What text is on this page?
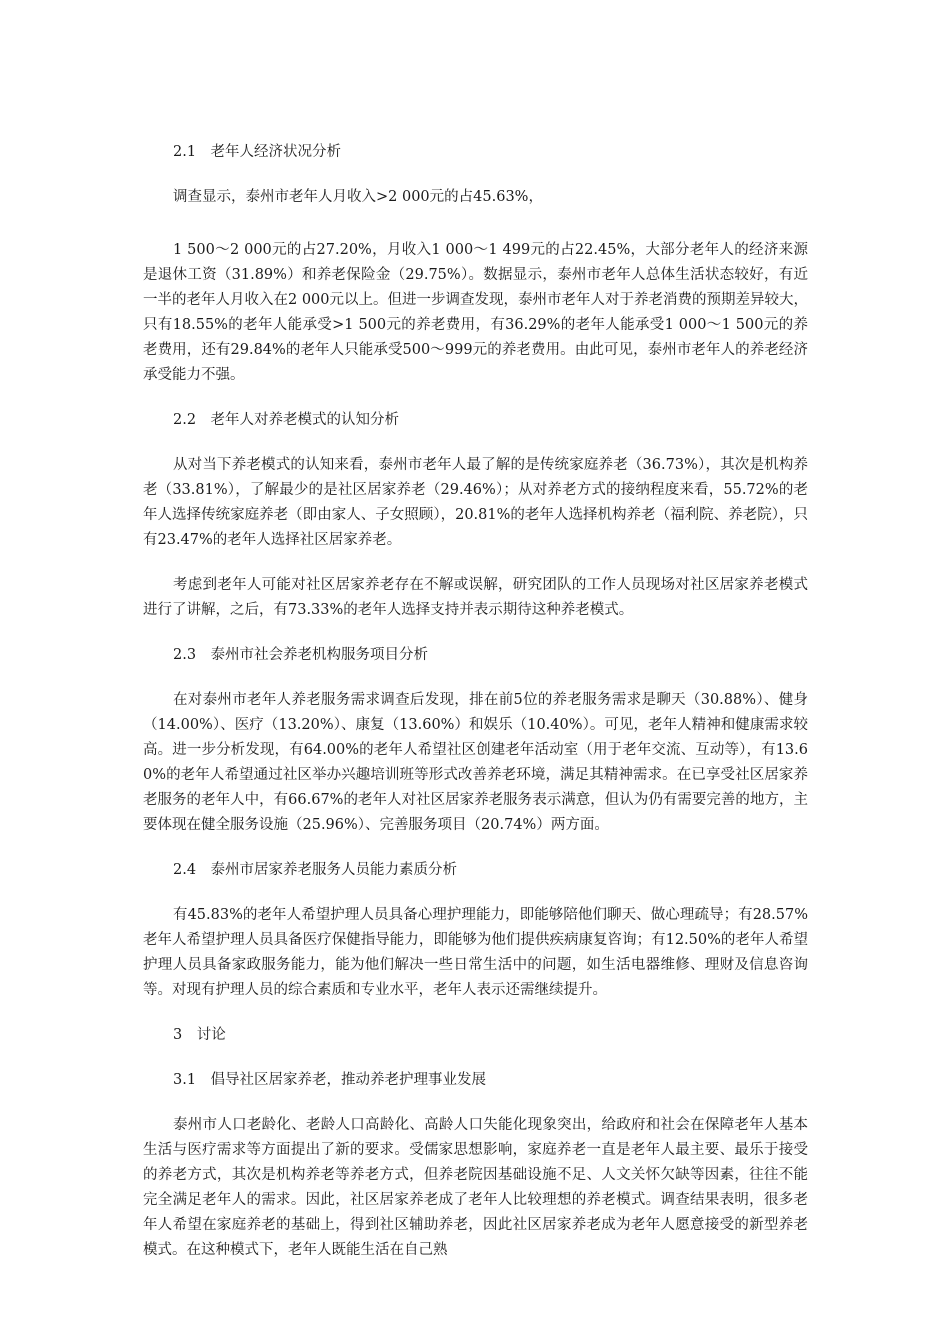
2.1　老年人经济状况分析
调查显示，泰州市老年人月收入>2 000元的占45.63%，
1 500～2 000元的占27.20%，月收入1 000～1 499元的占22.45%，大部分老年人的经济来源是退休工资（31.89%）和养老保险金（29.75%）。数据显示，泰州市老年人总体生活状态较好，有近一半的老年人月收入在2 000元以上。但进一步调查发现，泰州市老年人对于养老消费的预期差异较大，只有18.55%的老年人能承受>1 500元的养老费用，有36.29%的老年人能承受1 000～1 500元的养老费用，还有29.84%的老年人只能承受500～999元的养老费用。由此可见，泰州市老年人的养老经济承受能力不强。
2.2　老年人对养老模式的认知分析
从对当下养老模式的认知来看，泰州市老年人最了解的是传统家庭养老（36.73%），其次是机构养老（33.81%），了解最少的是社区居家养老（29.46%）；从对养老方式的接纳程度来看，55.72%的老年人选择传统家庭养老（即由家人、子女照顾），20.81%的老年人选择机构养老（福利院、养老院），只有23.47%的老年人选择社区居家养老。
考虑到老年人可能对社区居家养老存在不解或误解，研究团队的工作人员现场对社区居家养老模式进行了讲解，之后，有73.33%的老年人选择支持并表示期待这种养老模式。
2.3　泰州市社会养老机构服务项目分析
在对泰州市老年人养老服务需求调查后发现，排在前5位的养老服务需求是聊天（30.88%）、健身（14.00%）、医疗（13.20%）、康复（13.60%）和娱乐（10.40%）。可见，老年人精神和健康需求较高。进一步分析发现，有64.00%的老年人希望社区创建老年活动室（用于老年交流、互动等），有13.60%的老年人希望通过社区举办兴趣培训班等形式改善养老环境，满足其精神需求。在已享受社区居家养老服务的老年人中，有66.67%的老年人对社区居家养老服务表示满意，但认为仍有需要完善的地方，主要体现在健全服务设施（25.96%）、完善服务项目（20.74%）两方面。
2.4　泰州市居家养老服务人员能力素质分析
有45.83%的老年人希望护理人员具备心理护理能力，即能够陪他们聊天、做心理疏导；有28.57%老年人希望护理人员具备医疗保健指导能力，即能够为他们提供疾病康复咨询；有12.50%的老年人希望护理人员具备家政服务能力，能为他们解决一些日常生活中的问题，如生活电器维修、理财及信息咨询等。对现有护理人员的综合素质和专业水平，老年人表示还需继续提升。
3　讨论
3.1　倡导社区居家养老，推动养老护理事业发展
泰州市人口老龄化、老龄人口高龄化、高龄人口失能化现象突出，给政府和社会在保障老年人基本生活与医疗需求等方面提出了新的要求。受儒家思想影响，家庭养老一直是老年人最主要、最乐于接受的养老方式，其次是机构养老等养老方式，但养老院因基础设施不足、人文关怀欠缺等因素，往往不能完全满足老年人的需求。因此，社区居家养老成了老年人比较理想的养老模式。调查结果表明，很多老年人希望在家庭养老的基础上，得到社区辅助养老，因此社区居家养老成为老年人愿意接受的新型养老模式。在这种模式下，老年人既能生活在自己熟
